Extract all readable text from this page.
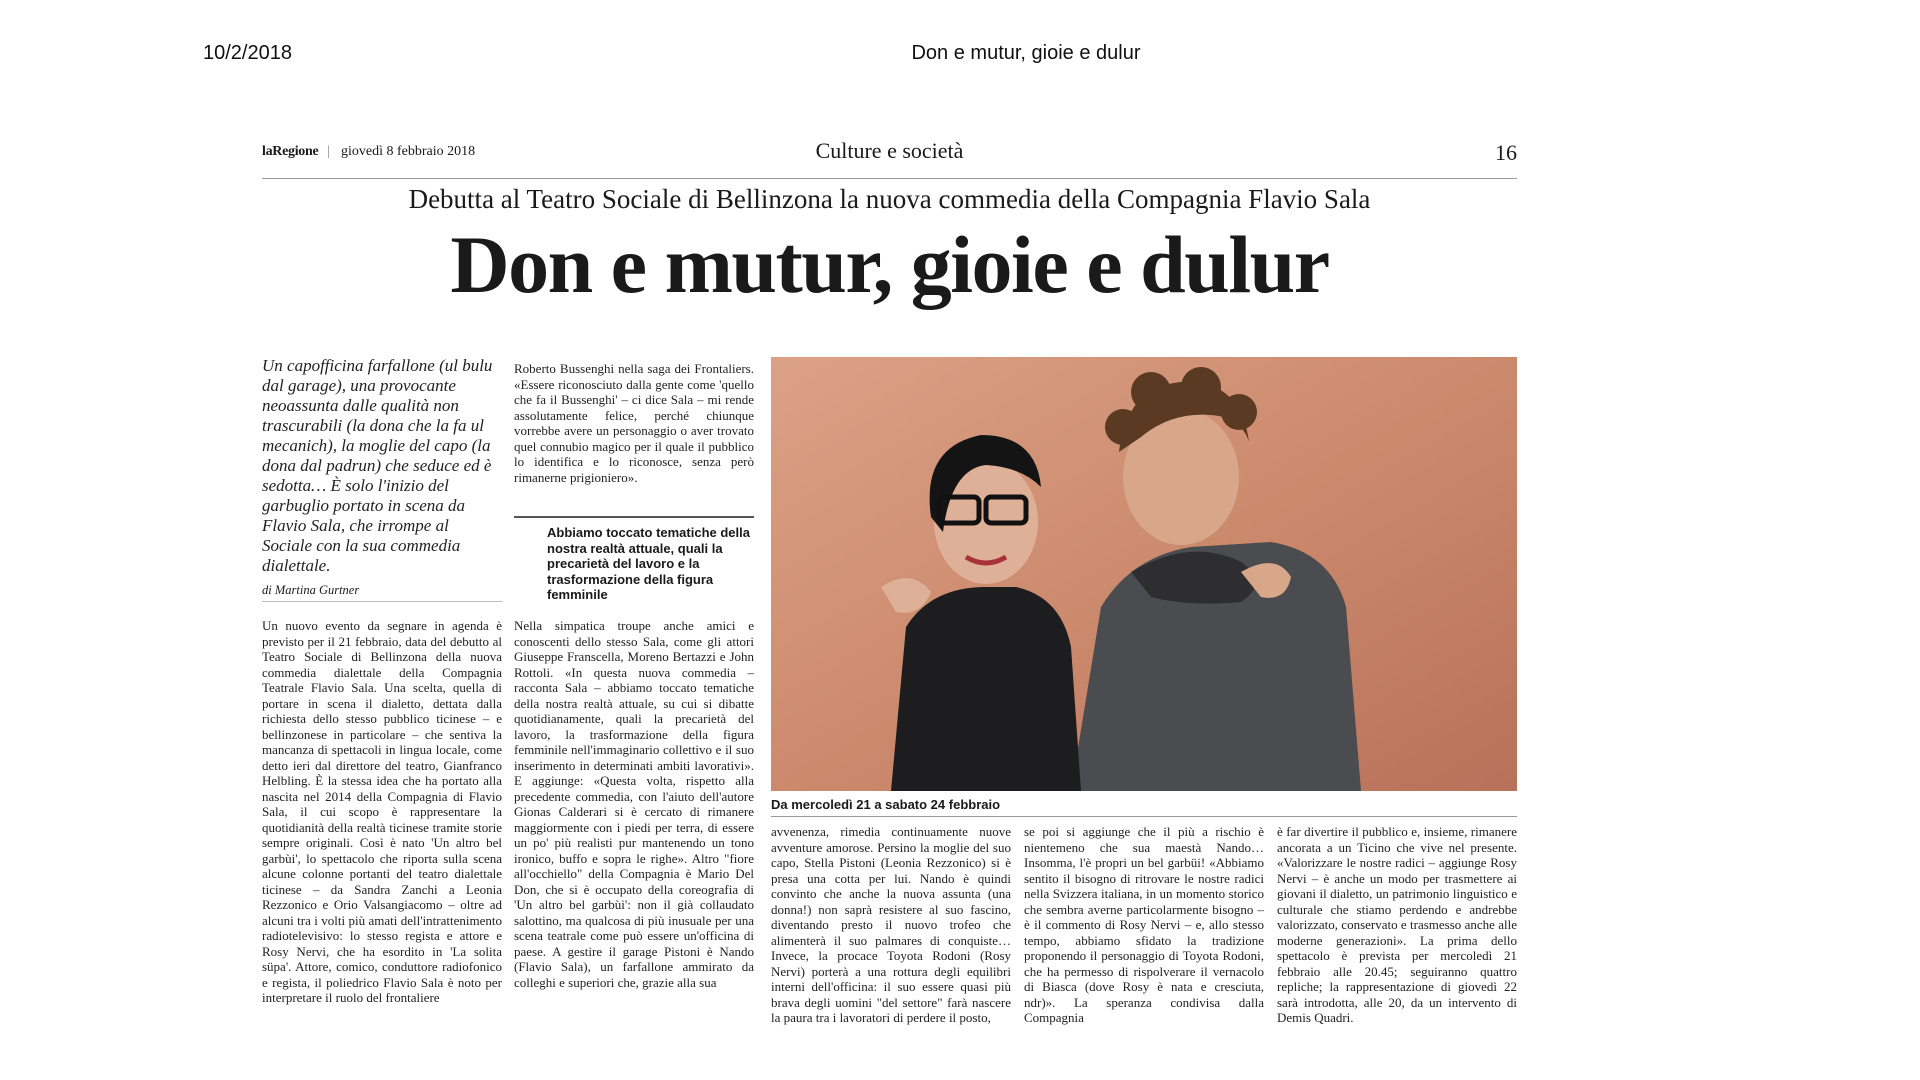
10/2/2018	Don e mutur, gioie e dulur
laRegione | giovedì 8 febbraio 2018	Culture e società	16
Debutta al Teatro Sociale di Bellinzona la nuova commedia della Compagnia Flavio Sala
Don e mutur, gioie e dulur
Un capofficina farfallone (ul bulu dal garage), una provocante neoassunta dalle qualità non trascurabili (la dona che la fa ul mecanich), la moglie del capo (la dona dal padrun) che seduce ed è sedotta… È solo l'inizio del garbuglio portato in scena da Flavio Sala, che irrompe al Sociale con la sua commedia dialettale.
di Martina Gurtner

Un nuovo evento da segnare in agenda è previsto per il 21 febbraio, data del debutto al Teatro Sociale di Bellinzona della nuova commedia dialettale della Compagnia Teatrale Flavio Sala. Una scelta, quella di portare in scena il dialetto, dettata dalla richiesta dello stesso pubblico ticinese – e bellinzonese in particolare – che sentiva la mancanza di spettacoli in lingua locale, come detto ieri dal direttore del teatro, Gianfranco Helbling. È la stessa idea che ha portato alla nascita nel 2014 della Compagnia di Flavio Sala, il cui scopo è rappresentare la quotidianità della realtà ticinese tramite storie sempre originali. Così è nato 'Un altro bel garbùi', lo spettacolo che riporta sulla scena alcune colonne portanti del teatro dialettale ticinese – da Sandra Zanchi a Leonia Rezzonico e Orio Valsangiacomo – oltre ad alcuni tra i volti più amati dell'intrattenimento radiotelevisivo: lo stesso regista e attore e Rosy Nervi, che ha esordito in 'La solita süpa'. Attore, comico, conduttore radiofonico e regista, il poliedrico Flavio Sala è noto per interpretare il ruolo del frontaliere

Roberto Bussenghi nella saga dei Frontaliers. «Essere riconosciuto dalla gente come 'quello che fa il Bussenghi' – ci dice Sala – mi rende assolutamente felice, perché chiunque vorrebbe avere un personaggio o aver trovato quel connubio magico per il quale il pubblico lo identifica e lo riconosce, senza però rimanerne prigioniero».

Abbiamo toccato tematiche della nostra realtà attuale, quali la precarietà del lavoro e la trasformazione della figura femminile

Nella simpatica troupe anche amici e conoscenti dello stesso Sala, come gli attori Giuseppe Franscella, Moreno Bertazzi e John Rottoli. «In questa nuova commedia – racconta Sala – abbiamo toccato tematiche della nostra realtà attuale, su cui si dibatte quotidianamente, quali la precarietà del lavoro, la trasformazione della figura femminile nell'immaginario collettivo e il suo inserimento in determinati ambiti lavorativi». E aggiunge: «Questa volta, rispetto alla precedente commedia, con l'aiuto dell'autore Gionas Calderari si è cercato di rimanere maggiormente con i piedi per terra, di essere un po' più realisti pur mantenendo un tono ironico, buffo e sopra le righe». Altro "fiore all'occhiello" della Compagnia è Mario Del Don, che si è occupato della coreografia di 'Un altro bel garbùi': non il già collaudato salottino, ma qualcosa di più inusuale per una scena teatrale come può essere un'officina di paese. A gestire il garage Pistoni è Nando (Flavio Sala), un farfallone ammirato da colleghi e superiori che, grazie alla sua

Da mercoledì 21 a sabato 24 febbraio

avvenenza, rimedia continuamente nuove avventure amorose. Persino la moglie del suo capo, Stella Pistoni (Leonia Rezzonico) si è presa una cotta per lui. Nando è quindi convinto che anche la nuova assunta (una donna!) non saprà resistere al suo fascino, diventando presto il nuovo trofeo che alimenterà il suo palmares di conquiste… Invece, la procace Toyota Rodoni (Rosy Nervi) porterà a una rottura degli equilibri interni dell'officina: il suo essere quasi più brava degli uomini "del settore" farà nascere la paura tra i lavoratori di perdere il posto,

se poi si aggiunge che il più a rischio è nientemeno che sua maestà Nando… Insomma, l'è propri un bel garbüi! «Abbiamo sentito il bisogno di ritrovare le nostre radici nella Svizzera italiana, in un momento storico che sembra averne particolarmente bisogno – è il commento di Rosy Nervi – e, allo stesso tempo, abbiamo sfidato la tradizione proponendo il personaggio di Toyota Rodoni, che ha permesso di rispolverare il vernacolo di Biasca (dove Rosy è nata e cresciuta, ndr)». La speranza condivisa dalla Compagnia

è far divertire il pubblico e, insieme, rimanere ancorata a un Ticino che vive nel presente. «Valorizzare le nostre radici – aggiunge Rosy Nervi – è anche un modo per trasmettere ai giovani il dialetto, un patrimonio linguistico e culturale che stiamo perdendo e andrebbe valorizzato, conservato e trasmesso anche alle moderne generazioni». La prima dello spettacolo è prevista per mercoledì 21 febbraio alle 20.45; seguiranno quattro repliche; la rappresentazione di giovedì 22 sarà introdotta, alle 20, da un intervento di Demis Quadri.
